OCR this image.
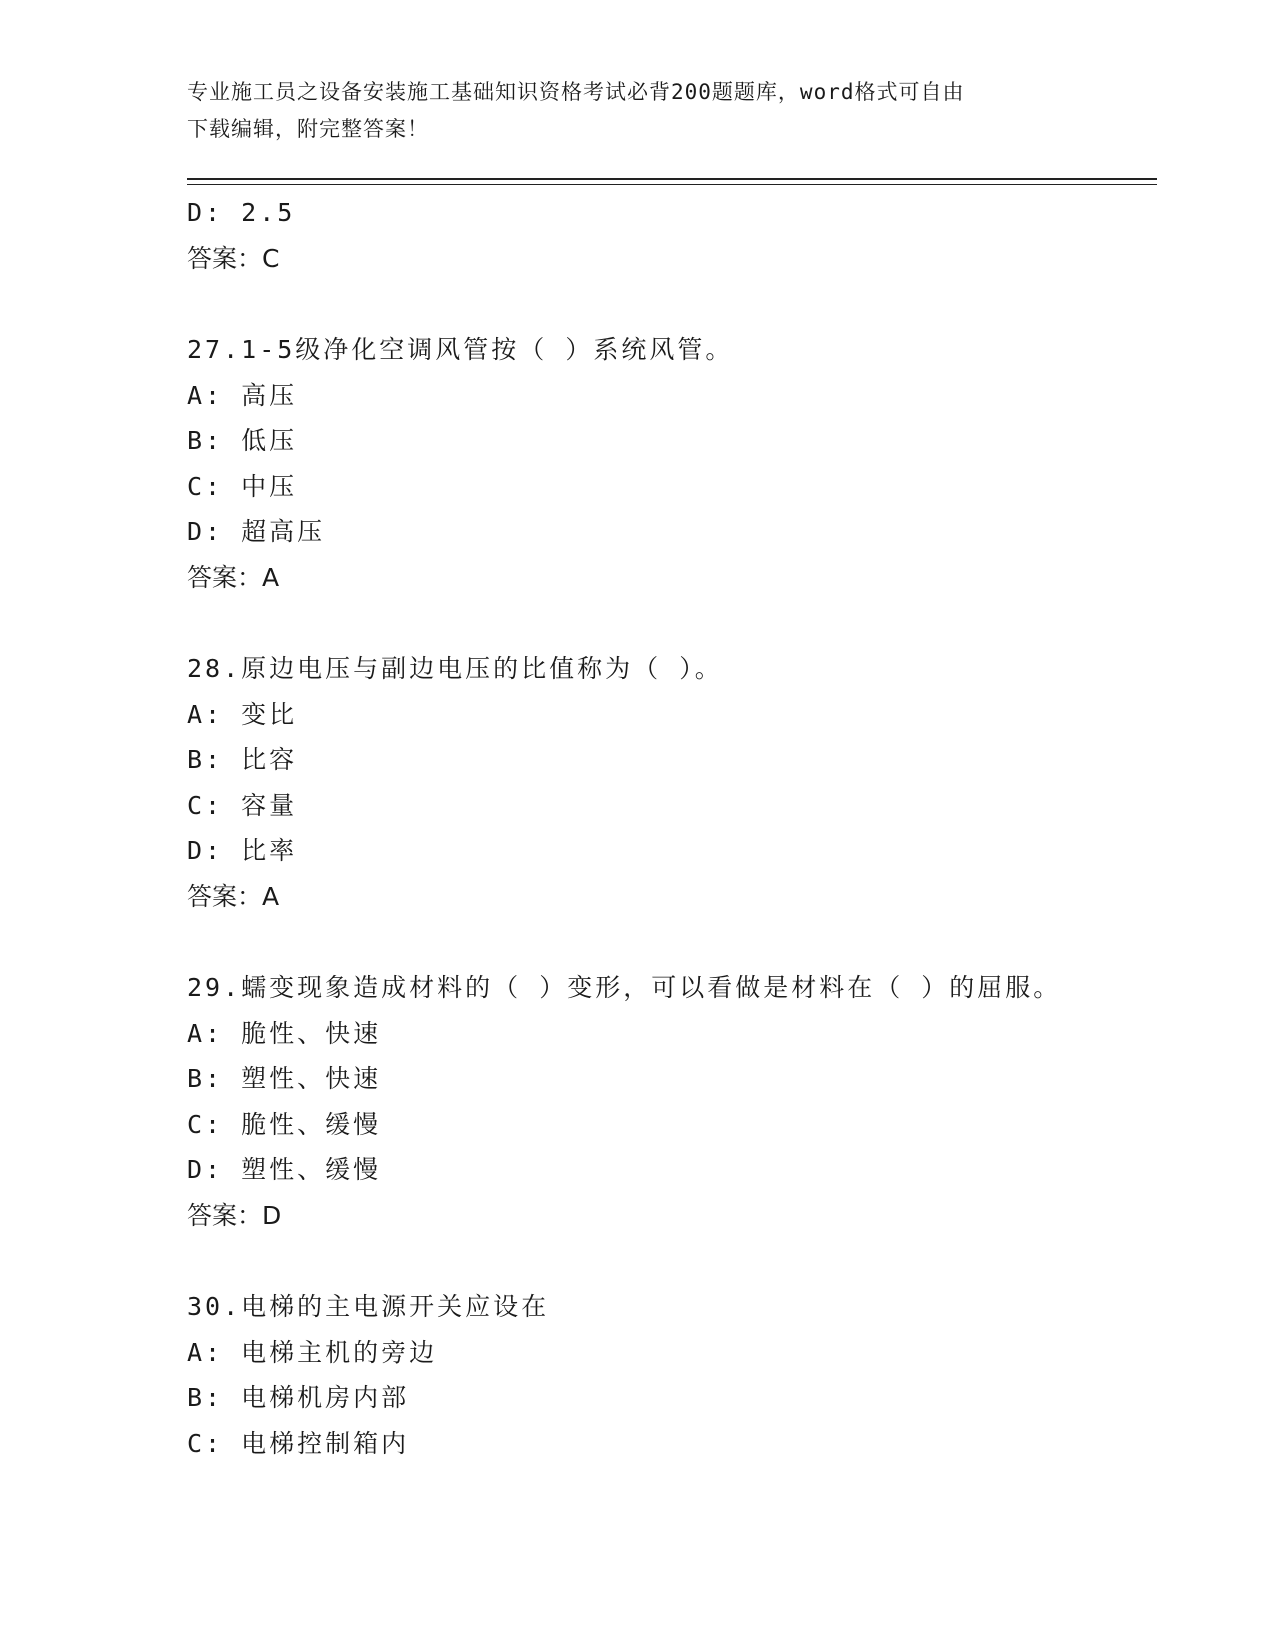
专业施工员之设备安装施工基础知识资格考试必背200题题库，word格式可自由
下载编辑，附完整答案！
D: 2.5
答案：C
27.1-5级净化空调风管按（ ）系统风管。
A: 高压
B: 低压
C: 中压
D: 超高压
答案：A
28.原边电压与副边电压的比值称为（ ）。
A: 变比
B: 比容
C: 容量
D: 比率
答案：A
29.蠕变现象造成材料的（ ）变形，可以看做是材料在（ ）的屈服。
A: 脆性、快速
B: 塑性、快速
C: 脆性、缓慢
D: 塑性、缓慢
答案：D
30.电梯的主电源开关应设在
A: 电梯主机的旁边
B: 电梯机房内部
C: 电梯控制箱内
